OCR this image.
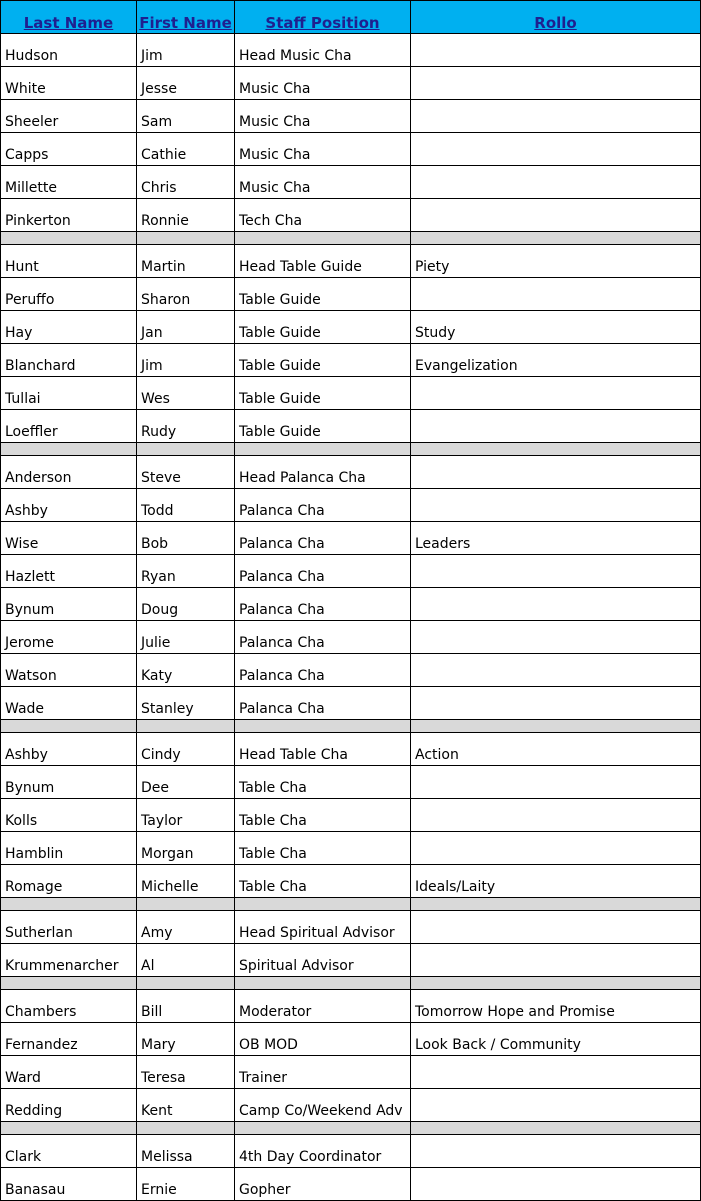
Last Name	First Name	Staff Position	Rollo
Hudson	Jim	Head Music Cha
White	Jesse	Music Cha
Sheeler	Sam	Music Cha
Capps	Cathie	Music Cha
Millette	Chris	Music Cha
Pinkerton	Ronnie	Tech Cha
Hunt	Martin	Head Table Guide	Piety
Peruffo	Sharon	Table Guide
Hay	Jan	Table Guide	Study
Blanchard	Jim	Table Guide	Evangelization
Tullai	Wes	Table Guide
Loeffler	Rudy	Table Guide
Anderson	Steve	Head Palanca Cha
Ashby	Todd	Palanca Cha
Wise	Bob	Palanca Cha	Leaders
Hazlett	Ryan	Palanca Cha
Bynum	Doug	Palanca Cha
Jerome	Julie	Palanca Cha
Watson	Katy	Palanca Cha
Wade	Stanley	Palanca Cha
Ashby	Cindy	Head Table Cha	Action
Bynum	Dee	Table Cha
Kolls	Taylor	Table Cha
Hamblin	Morgan	Table Cha
Romage	Michelle	Table Cha	Ideals/Laity
Sutherlan	Amy	Head Spiritual Advisor
Krummenarcher	Al	Spiritual Advisor
Chambers	Bill	Moderator	Tomorrow Hope and Promise
Fernandez	Mary	OB MOD	Look Back / Community
Ward	Teresa	Trainer
Redding	Kent	Camp Co/Weekend Adv
Clark	Melissa	4th Day Coordinator
Banasau	Ernie	Gopher
